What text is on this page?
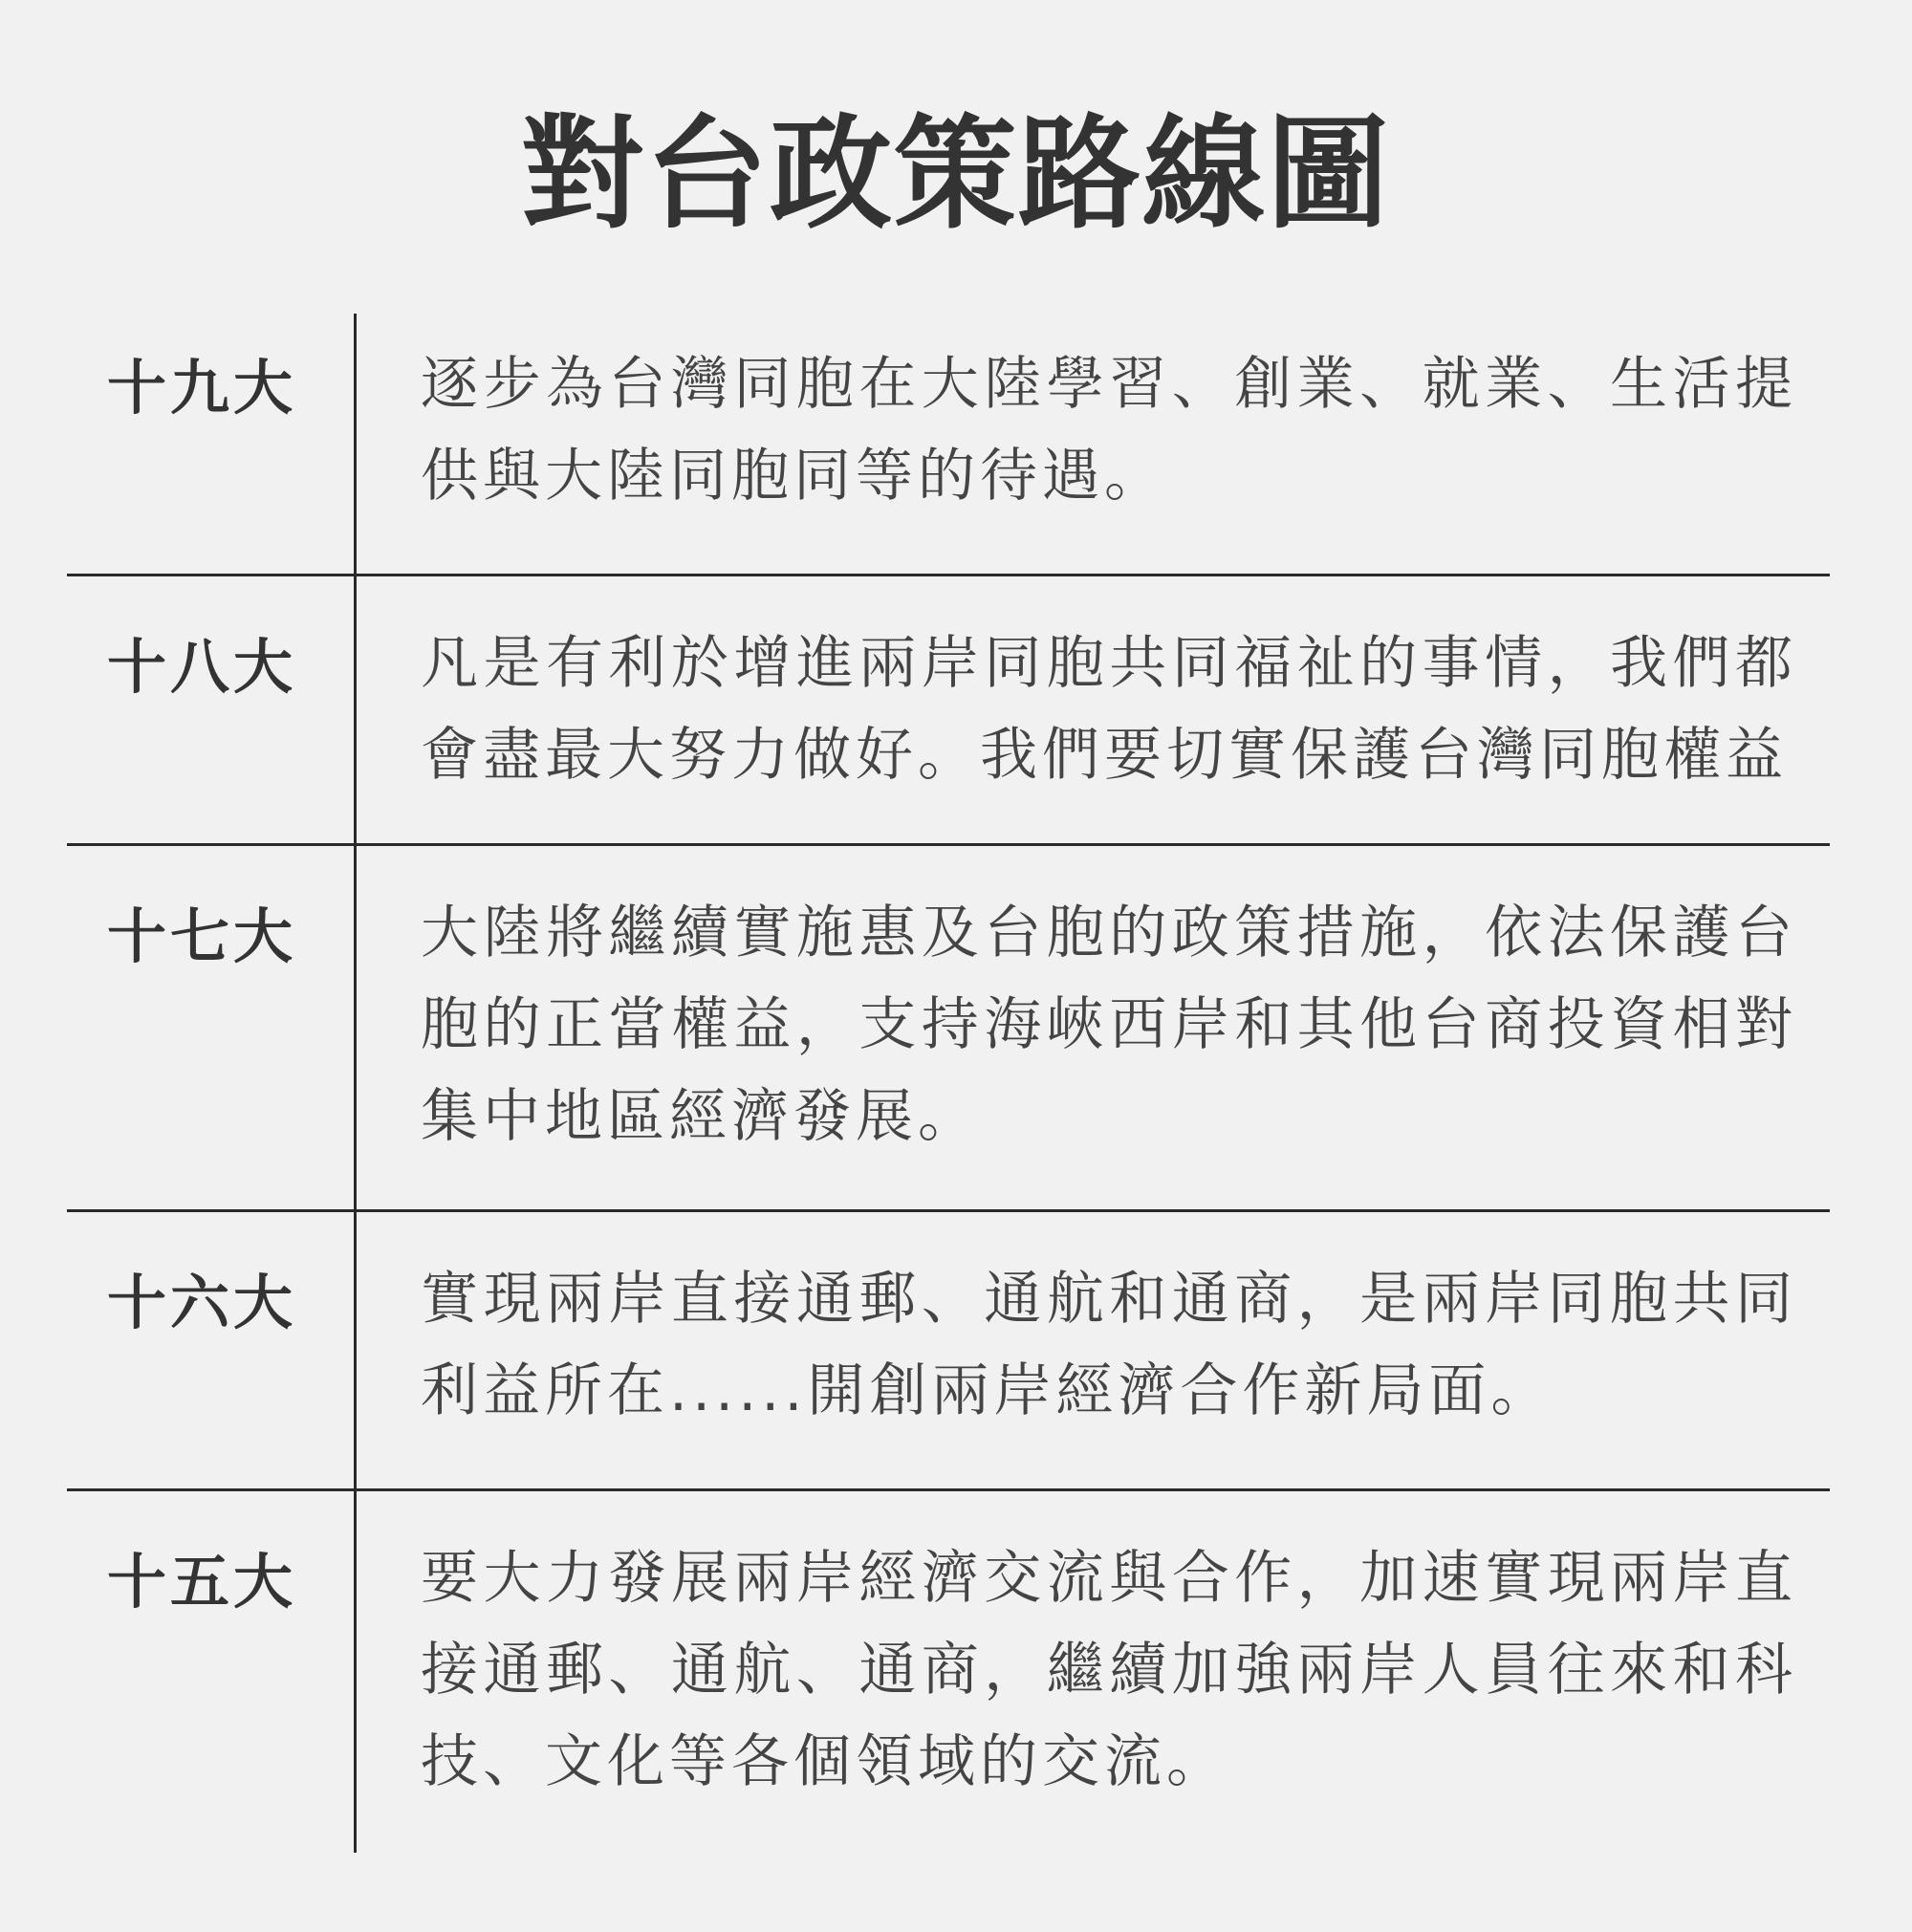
對台政策路線圖
十九大 逐步為台灣同胞在大陸學習、創業、就業、生活提供與大陸同胞同等的待遇。
十八大 凡是有利於增進兩岸同胞共同福祉的事情，我們都會盡最大努力做好。我們要切實保護台灣同胞權益
十七大 大陸將繼續實施惠及台胞的政策措施，依法保護台胞的正當權益，支持海峽西岸和其他台商投資相對集中地區經濟發展。
十六大 實現兩岸直接通郵、通航和通商，是兩岸同胞共同利益所在......開創兩岸經濟合作新局面。
十五大 要大力發展兩岸經濟交流與合作，加速實現兩岸直接通郵、通航、通商，繼續加強兩岸人員往來和科技、文化等各個領域的交流。
